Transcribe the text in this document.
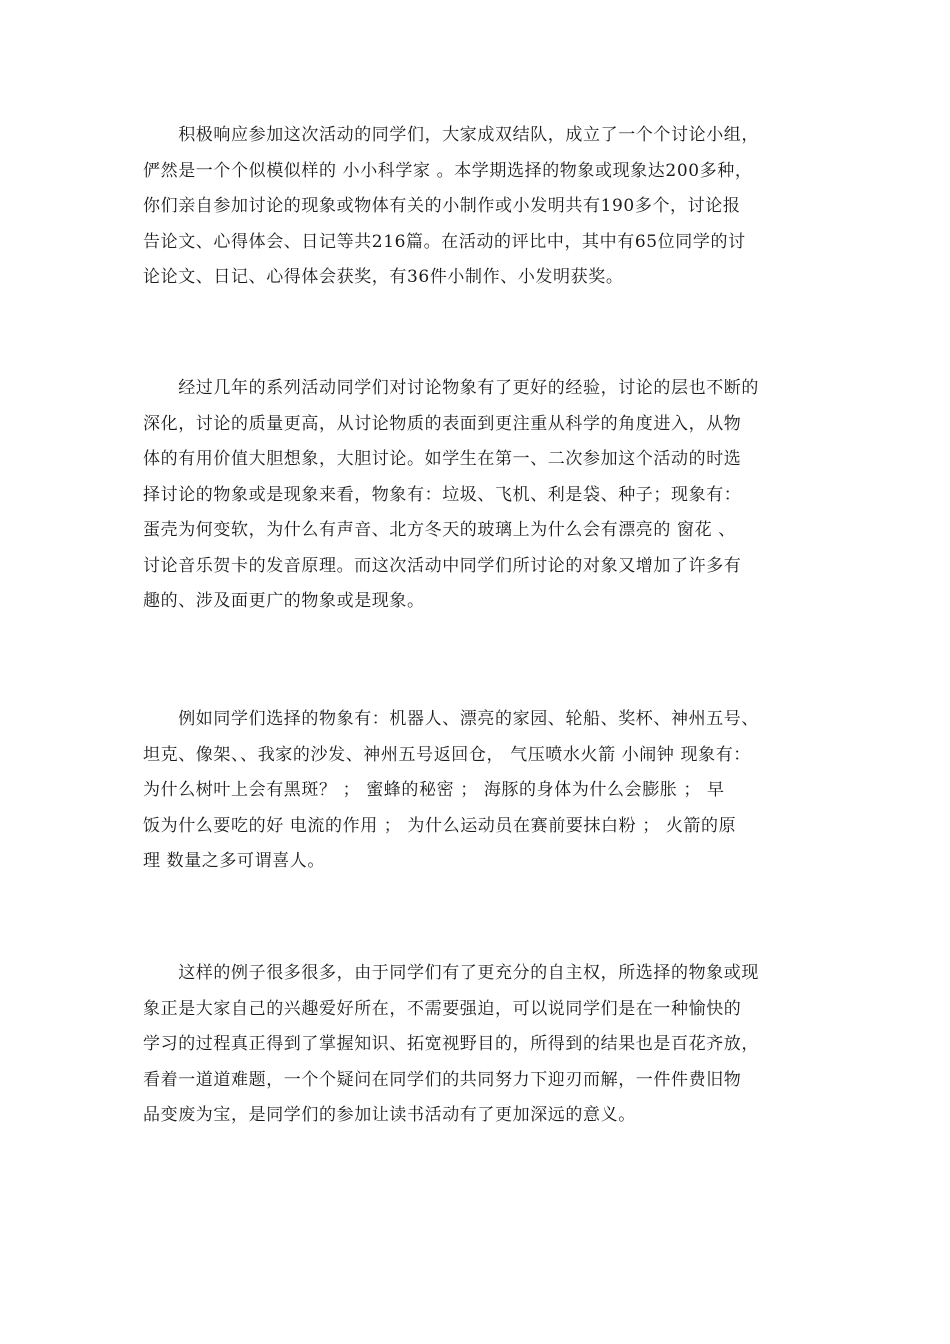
　　积极响应参加这次活动的同学们，大家成双结队，成立了一个个讨论小组，
俨然是一个个似模似样的 小小科学家 。本学期选择的物象或现象达200多种，
你们亲自参加讨论的现象或物体有关的小制作或小发明共有190多个，讨论报
告论文、心得体会、日记等共216篇。在活动的评比中，其中有65位同学的讨
论论文、日记、心得体会获奖，有36件小制作、小发明获奖。

　　经过几年的系列活动同学们对讨论物象有了更好的经验，讨论的层也不断的
深化，讨论的质量更高，从讨论物质的表面到更注重从科学的角度进入，从物
体的有用价值大胆想象，大胆讨论。如学生在第一、二次参加这个活动的时选
择讨论的物象或是现象来看，物象有：垃圾、飞机、利是袋、种子；现象有：
蛋壳为何变软，为什么有声音、北方冬天的玻璃上为什么会有漂亮的 窗花 、
讨论音乐贺卡的发音原理。而这次活动中同学们所讨论的对象又增加了许多有
趣的、涉及面更广的物象或是现象。

　　例如同学们选择的物象有：机器人、漂亮的家园、轮船、奖杯、神州五号、
坦克、像架、、我家的沙发、神州五号返回仓， 气压喷水火箭 小闹钟 现象有：
为什么树叶上会有黑斑？ ； 蜜蜂的秘密 ； 海豚的身体为什么会膨胀 ； 早
饭为什么要吃的好 电流的作用 ； 为什么运动员在赛前要抹白粉 ； 火箭的原
理 数量之多可谓喜人。

　　这样的例子很多很多，由于同学们有了更充分的自主权，所选择的物象或现
象正是大家自己的兴趣爱好所在，不需要强迫，可以说同学们是在一种愉快的
学习的过程真正得到了掌握知识、拓宽视野目的，所得到的结果也是百花齐放，
看着一道道难题，一个个疑问在同学们的共同努力下迎刃而解，一件件费旧物
品变废为宝，是同学们的参加让读书活动有了更加深远的意义。
